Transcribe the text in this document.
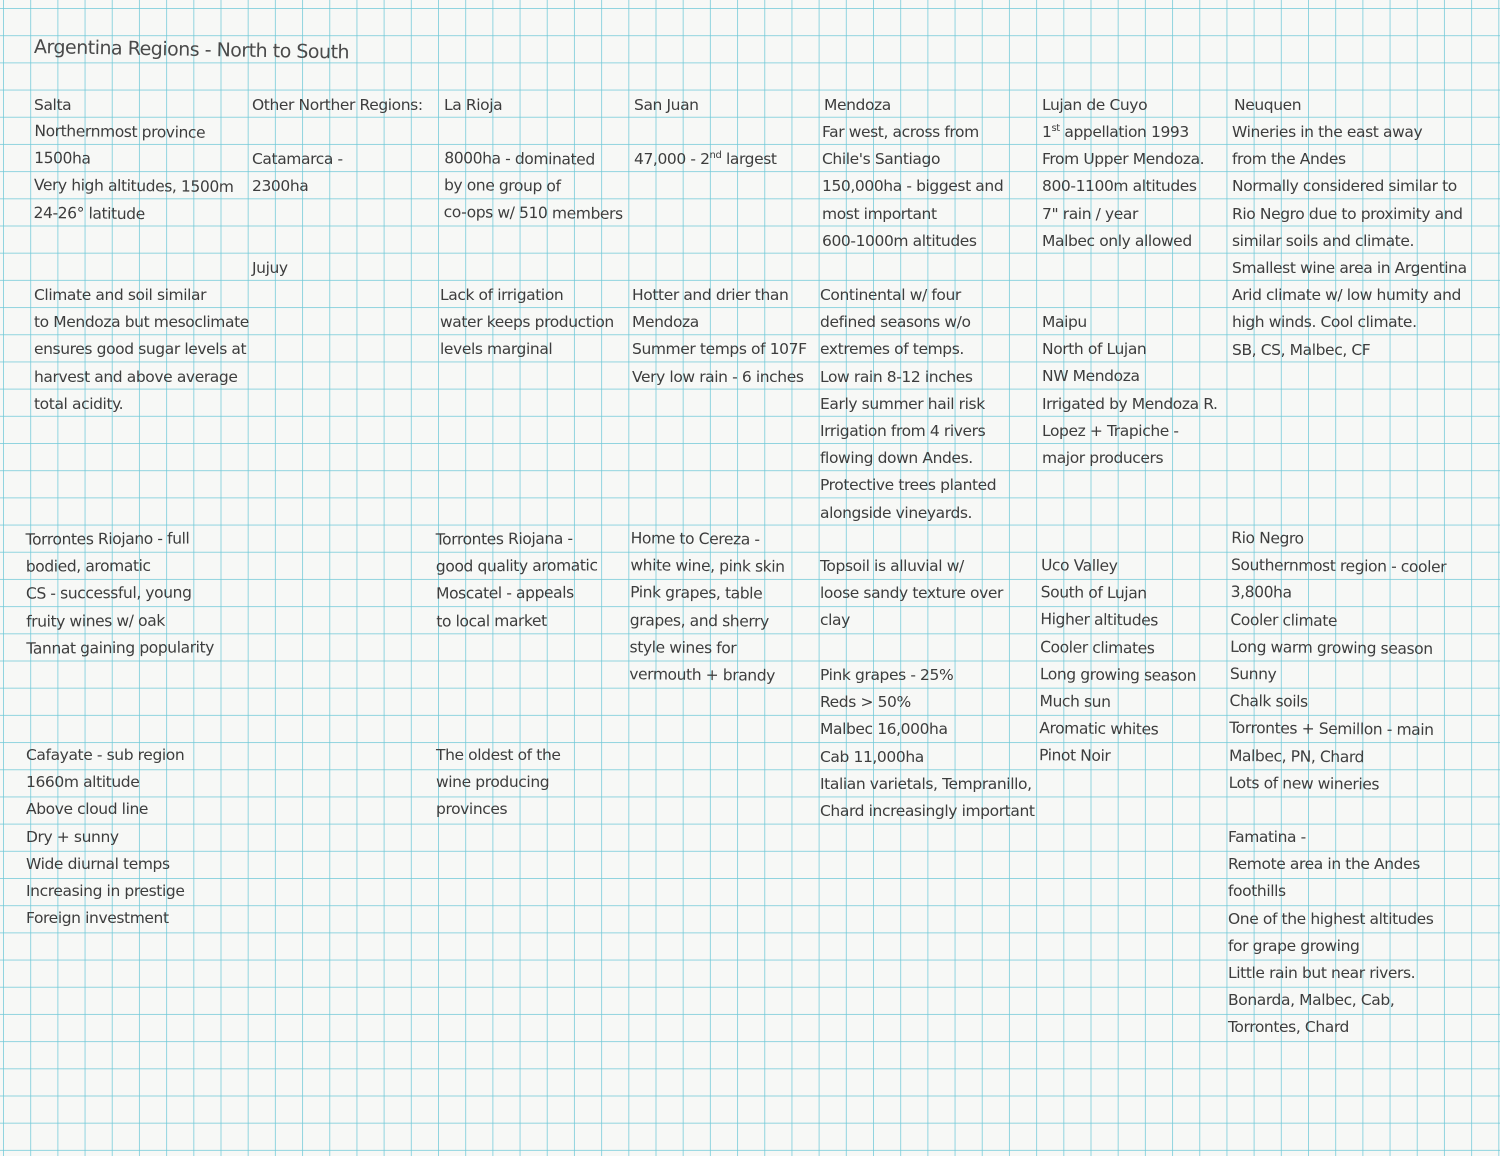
Argentina Regions - North to South
Salta
Northernmost province
1500ha
Very high altitudes, 1500m
24-26° latitude
Climate and soil similar
to Mendoza but mesoclimate
ensures good sugar levels at
harvest and above average
total acidity.
Torrontes Riojano - full
bodied, aromatic
CS - successful, young
fruity wines w/ oak
Tannat gaining popularity
Cafayate - sub region
1660m altitude
Above cloud line
Dry + sunny
Wide diurnal temps
Increasing in prestige
Foreign investment
Other Norther Regions:
Catamarca -
2300ha
Jujuy
La Rioja
8000ha - dominated
by one group of
co-ops w/ 510 members
Lack of irrigation
water keeps production
levels marginal
Torrontes Riojana -
good quality aromatic
Moscatel - appeals
to local market
The oldest of the
wine producing
provinces
San Juan
47,000 - 2nd largest
Hotter and drier than
Mendoza
Summer temps of 107F
Very low rain - 6 inches
Home to Cereza -
white wine, pink skin
Pink grapes, table
grapes, and sherry
style wines for
vermouth + brandy
Mendoza
Far west, across from
Chile's Santiago
150,000ha - biggest and
most important
600-1000m altitudes
Continental w/ four
defined seasons w/o
extremes of temps.
Low rain 8-12 inches
Early summer hail risk
Irrigation from 4 rivers
flowing down Andes.
Protective trees planted
alongside vineyards.
Topsoil is alluvial w/
loose sandy texture over
clay
Pink grapes - 25%
Reds > 50%
Malbec 16,000ha
Cab 11,000ha
Italian varietals, Tempranillo,
Chard increasingly important
Lujan de Cuyo
1st appellation 1993
From Upper Mendoza.
800-1100m altitudes
7" rain / year
Malbec only allowed
Maipu
North of Lujan
NW Mendoza
Irrigated by Mendoza R.
Lopez + Trapiche -
major producers
Uco Valley
South of Lujan
Higher altitudes
Cooler climates
Long growing season
Much sun
Aromatic whites
Pinot Noir
Neuquen
Wineries in the east away
from the Andes
Normally considered similar to
Rio Negro due to proximity and
similar soils and climate.
Smallest wine area in Argentina
Arid climate w/ low humity and
high winds. Cool climate.
SB, CS, Malbec, CF
Rio Negro
Southernmost region - cooler
3,800ha
Cooler climate
Long warm growing season
Sunny
Chalk soils
Torrontes + Semillon - main
Malbec, PN, Chard
Lots of new wineries
Famatina -
Remote area in the Andes
foothills
One of the highest altitudes
for grape growing
Little rain but near rivers.
Bonarda, Malbec, Cab,
Torrontes, Chard
